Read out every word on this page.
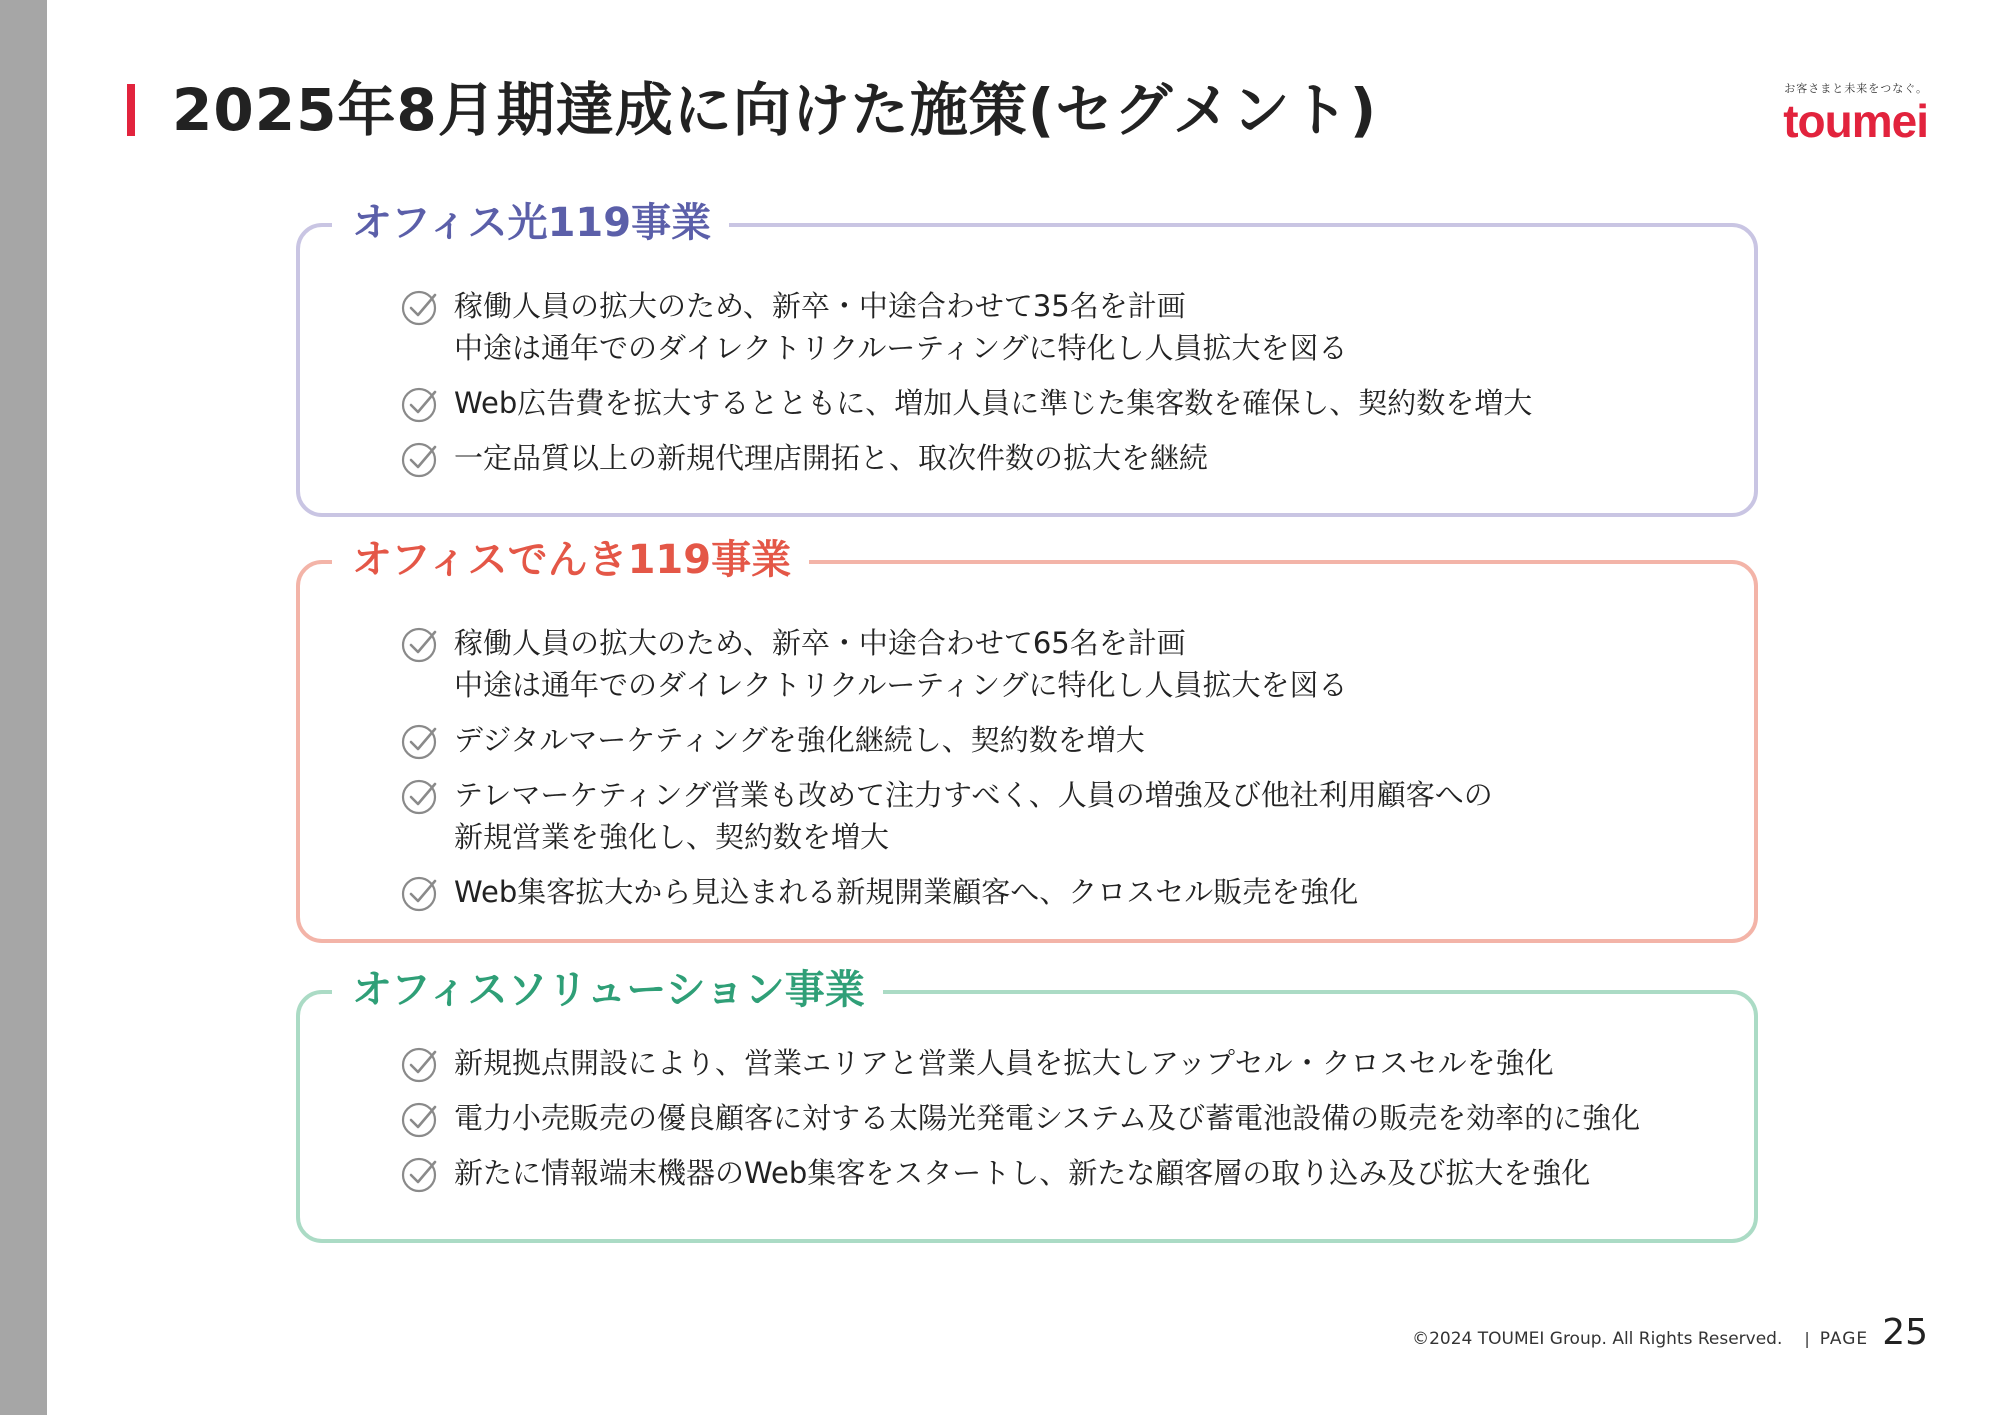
2025年8月期達成に向けた施策(セグメント)	お客さまと未来をつなぐ。
toumei
オフィス光119事業
稼働人員の拡大のため、新卒・中途合わせて35名を計画
中途は通年でのダイレクトリクルーティングに特化し人員拡大を図る
Web広告費を拡大するとともに、増加人員に準じた集客数を確保し、契約数を増大
一定品質以上の新規代理店開拓と、取次件数の拡大を継続
オフィスでんき119事業
稼働人員の拡大のため、新卒・中途合わせて65名を計画
中途は通年でのダイレクトリクルーティングに特化し人員拡大を図る
デジタルマーケティングを強化継続し、契約数を増大
テレマーケティング営業も改めて注力すべく、人員の増強及び他社利用顧客への
新規営業を強化し、契約数を増大
Web集客拡大から見込まれる新規開業顧客へ、クロスセル販売を強化
オフィスソリューション事業
新規拠点開設により、営業エリアと営業人員を拡大しアップセル・クロスセルを強化
電力小売販売の優良顧客に対する太陽光発電システム及び蓄電池設備の販売を効率的に強化
新たに情報端末機器のWeb集客をスタートし、新たな顧客層の取り込み及び拡大を強化
©2024 TOUMEI Group. All Rights Reserved. | PAGE 25
